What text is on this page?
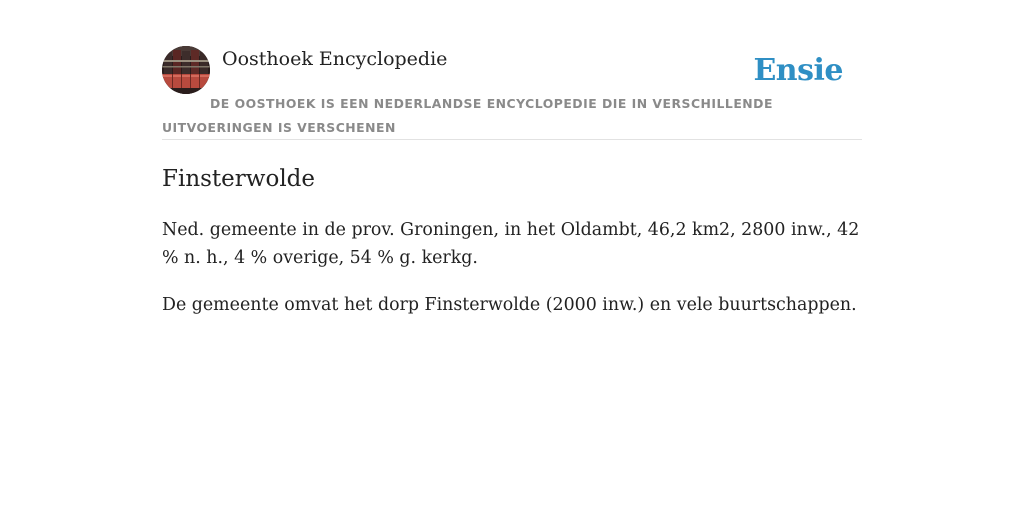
Oosthoek Encyclopedie	Ensie

DE OOSTHOEK IS EEN NEDERLANDSE ENCYCLOPEDIE DIE IN VERSCHILLENDE UITVOERINGEN IS VERSCHENEN

Finsterwolde

Ned. gemeente in de prov. Groningen, in het Oldambt, 46,2 km2, 2800 inw., 42 % n. h., 4 % overige, 54 % g. kerkg.

De gemeente omvat het dorp Finsterwolde (2000 inw.) en vele buurtschappen.
